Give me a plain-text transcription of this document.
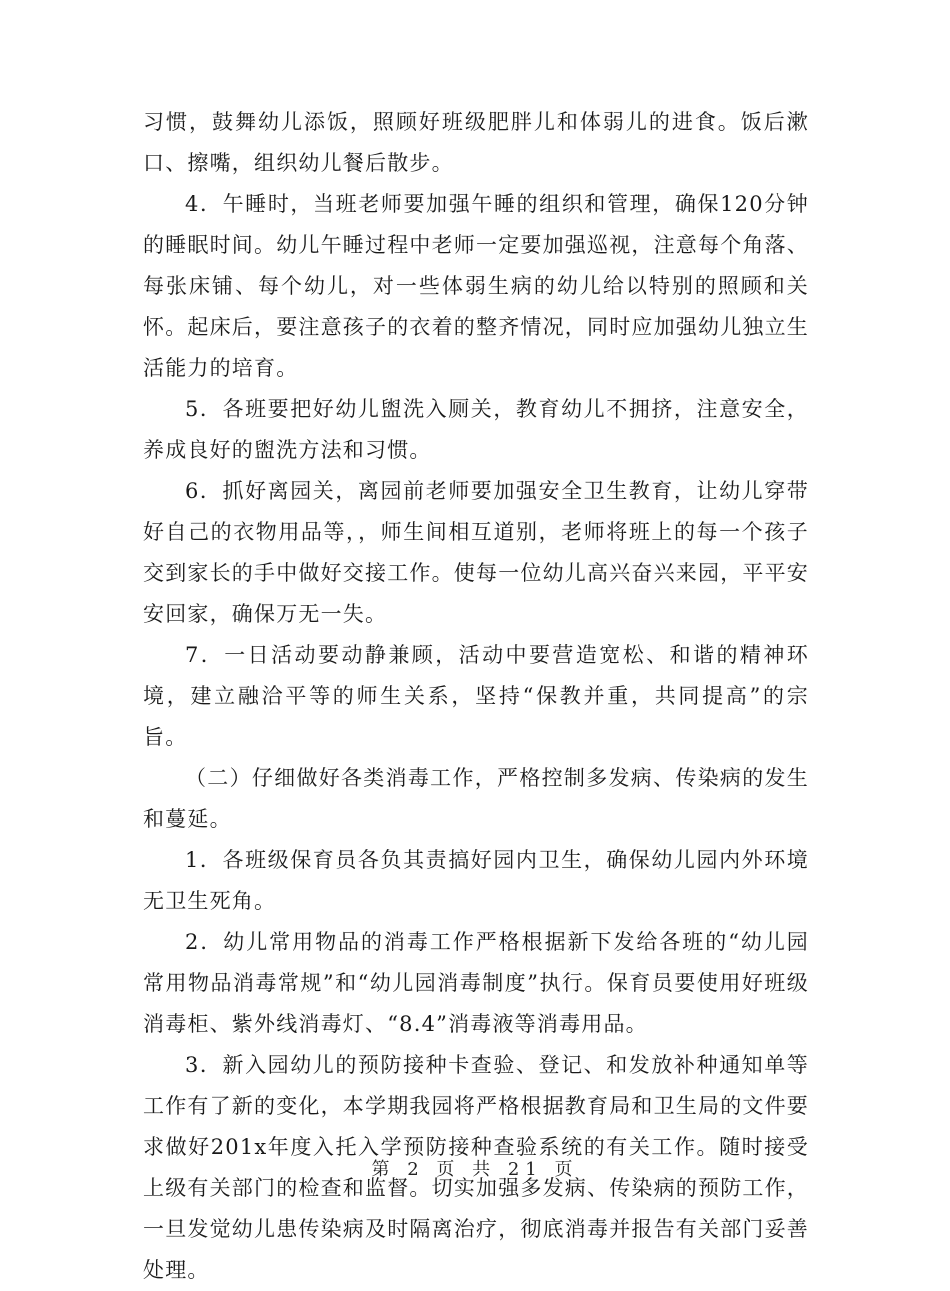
习惯，鼓舞幼儿添饭，照顾好班级肥胖儿和体弱儿的进食。饭后漱口、擦嘴，组织幼儿餐后散步。

4．午睡时，当班老师要加强午睡的组织和管理，确保120分钟的睡眠时间。幼儿午睡过程中老师一定要加强巡视，注意每个角落、每张床铺、每个幼儿，对一些体弱生病的幼儿给以特别的照顾和关怀。起床后，要注意孩子的衣着的整齐情况，同时应加强幼儿独立生活能力的培育。

5．各班要把好幼儿盥洗入厕关，教育幼儿不拥挤，注意安全，养成良好的盥洗方法和习惯。

6．抓好离园关，离园前老师要加强安全卫生教育，让幼儿穿带好自己的衣物用品等，，师生间相互道别，老师将班上的每一个孩子交到家长的手中做好交接工作。使每一位幼儿高兴奋兴来园，平平安安回家，确保万无一失。

7．一日活动要动静兼顾，活动中要营造宽松、和谐的精神环境，建立融洽平等的师生关系，坚持“保教并重，共同提高”的宗旨。

（二）仔细做好各类消毒工作，严格控制多发病、传染病的发生和蔓延。

1．各班级保育员各负其责搞好园内卫生，确保幼儿园内外环境无卫生死角。

2．幼儿常用物品的消毒工作严格根据新下发给各班的“幼儿园常用物品消毒常规”和“幼儿园消毒制度”执行。保育员要使用好班级消毒柜、紫外线消毒灯、“8.4”消毒液等消毒用品。

3．新入园幼儿的预防接种卡查验、登记、和发放补种通知单等工作有了新的变化，本学期我园将严格根据教育局和卫生局的文件要求做好201x年度入托入学预防接种查验系统的有关工作。随时接受上级有关部门的检查和监督。切实加强多发病、传染病的预防工作，一旦发觉幼儿患传染病及时隔离治疗，彻底消毒并报告有关部门妥善处理。

第 2 页 共 21 页
